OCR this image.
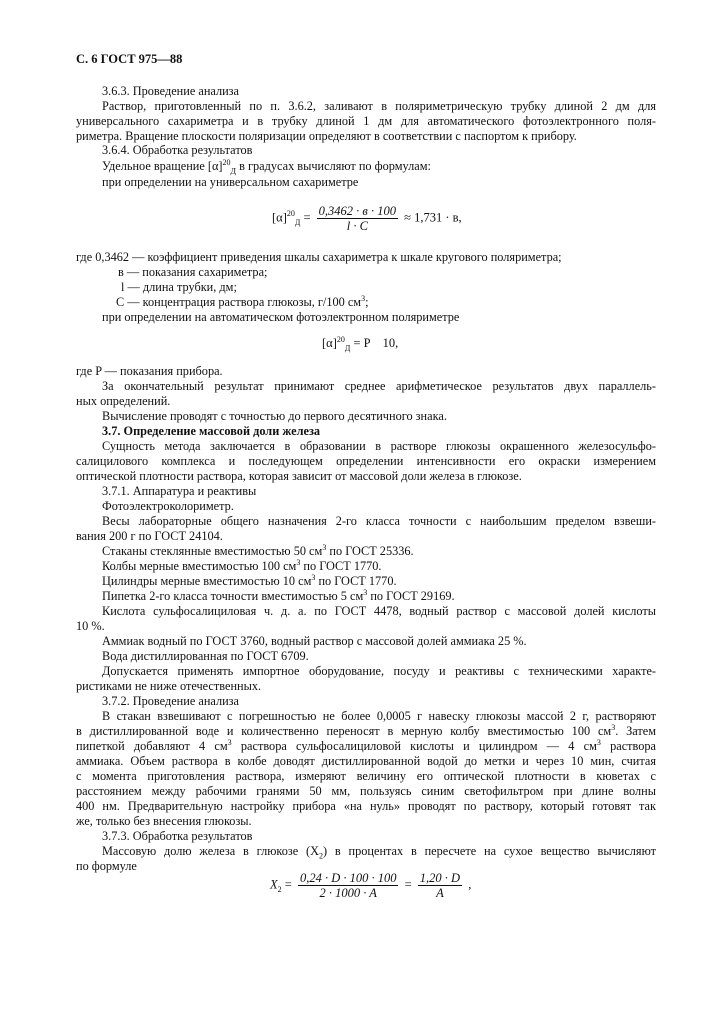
С. 6 ГОСТ 975—88
3.6.3. Проведение анализа
Раствор, приготовленный по п. 3.6.2, заливают в поляриметрическую трубку длиной 2 дм для
универсального сахариметра и в трубку длиной 1 дм для автоматического фотоэлектронного поля-
риметра. Вращение плоскости поляризации определяют в соответствии с паспортом к прибору.
3.6.4. Обработка результатов
Удельное вращение $[\alpha]^{20}_Д$ в градусах вычисляют по формулам:
при определении на универсальном сахариметре
$[\alpha]^{20}_Д = \frac{0,3462 \cdot в \cdot 100}{l \cdot C} \approx 1,731 \cdot в$,
где 0,3462 — коэффициент приведения шкалы сахариметра к шкале кругового поляриметра;
в — показания сахариметра;
l — длина трубки, дм;
C — концентрация раствора глюкозы, г/100 $см^3$;
при определении на автоматическом фотоэлектронном поляриметре
$[\alpha]^{20}_Д = P$    10,
где P — показания прибора.
За окончательный результат принимают среднее арифметическое результатов двух параллель-
ных определений.
Вычисление проводят с точностью до первого десятичного знака.
3.7. Определение массовой доли железа
Сущность метода заключается в образовании в растворе глюкозы окрашенного железосульфо-
салицилового комплекса и последующем определении интенсивности его окраски измерением
оптической плотности раствора, которая зависит от массовой доли железа в глюкозе.
3.7.1. Аппаратура и реактивы
Фотоэлектроколориметр.
Весы лабораторные общего назначения 2-го класса точности с наибольшим пределом взвеши-
вания 200 г по ГОСТ 24104.
Стаканы стеклянные вместимостью 50 $см^3$ по ГОСТ 25336.
Колбы мерные вместимостью 100 $см^3$ по ГОСТ 1770.
Цилиндры мерные вместимостью 10 $см^3$ по ГОСТ 1770.
Пипетка 2-го класса точности вместимостью 5 $см^3$ по ГОСТ 29169.
Кислота сульфосалициловая ч. д. а. по ГОСТ 4478, водный раствор с массовой долей кислоты
10 %.
Аммиак водный по ГОСТ 3760, водный раствор с массовой долей аммиака 25 %.
Вода дистиллированная по ГОСТ 6709.
Допускается применять импортное оборудование, посуду и реактивы с техническими характе-
ристиками не ниже отечественных.
3.7.2. Проведение анализа
В стакан взвешивают с погрешностью не более 0,0005 г навеску глюкозы массой 2 г, растворяют
в дистиллированной воде и количественно переносят в мерную колбу вместимостью 100 $см^3$. Затем
пипеткой добавляют 4 $см^3$ раствора сульфосалициловой кислоты и цилиндром — 4 $см^3$ раствора
аммиака. Объем раствора в колбе доводят дистиллированной водой до метки и через 10 мин, считая
с момента приготовления раствора, измеряют величину его оптической плотности в кюветах с
расстоянием между рабочими гранями 50 мм, пользуясь синим светофильтром при длине волны
400 нм. Предварительную настройку прибора «на нуль» проводят по раствору, который готовят так
же, только без внесения глюкозы.
3.7.3. Обработка результатов
Массовую долю железа в глюкозе $(X_2)$ в процентах в пересчете на сухое вещество вычисляют
по формуле
$X_2 = \frac{0,24 \cdot D \cdot 100 \cdot 100}{2 \cdot 1000 \cdot A} = \frac{1,20 \cdot D}{A}$ ,
